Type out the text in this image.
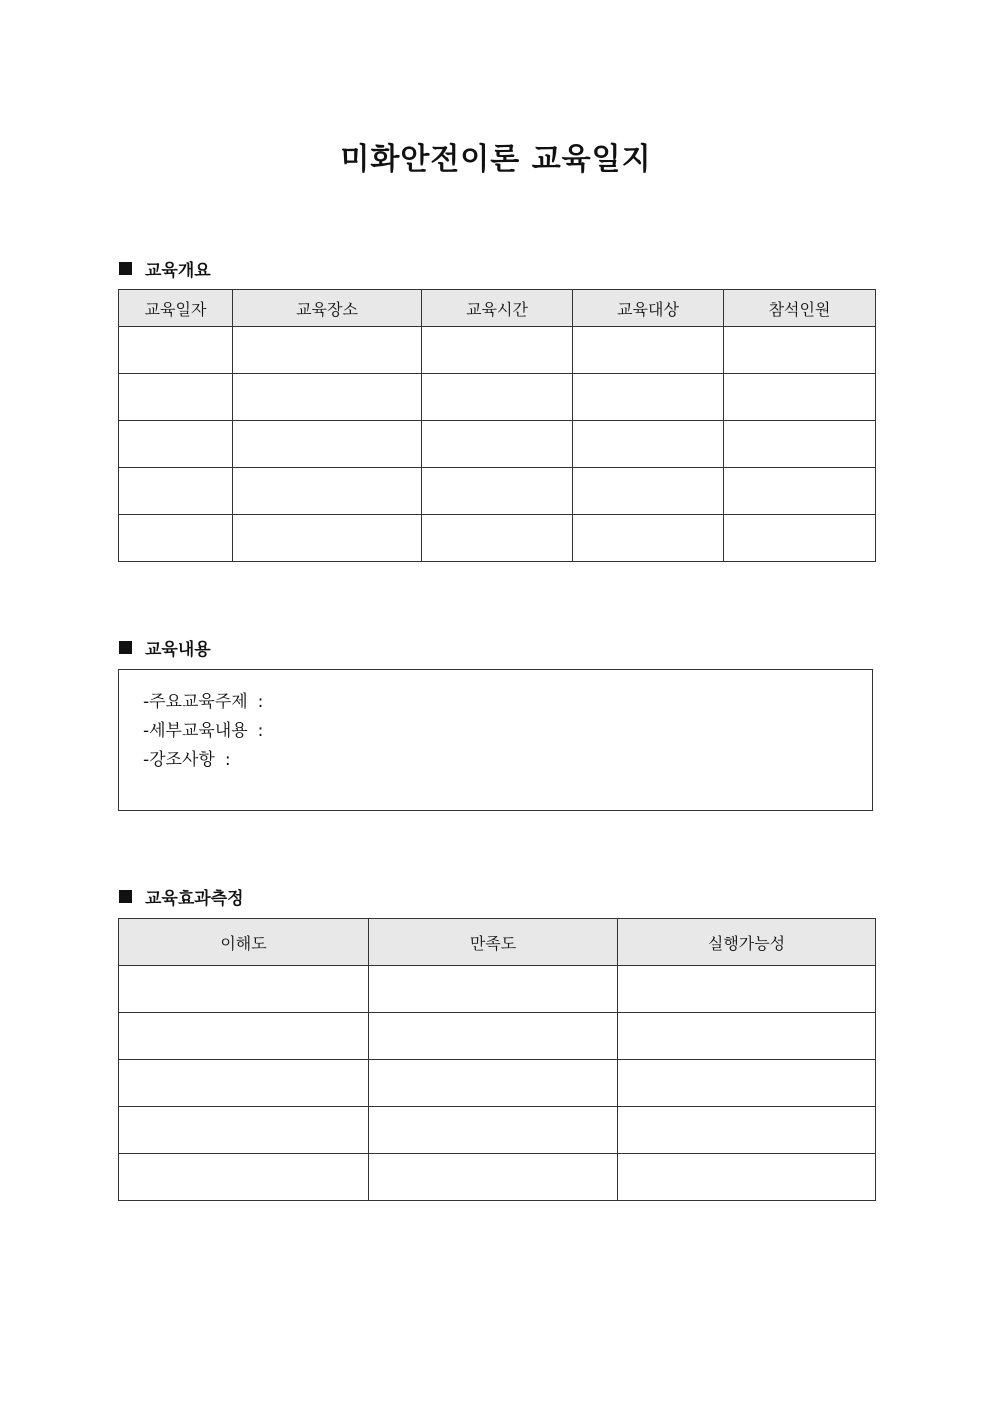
미화안전이론 교육일지
교육개요
교육일자	교육장소	교육시간	교육대상	참석인원

교육내용
-주요교육주제 :
-세부교육내용 :
-강조사항 :
교육효과측정
이해도	만족도	실행가능성
